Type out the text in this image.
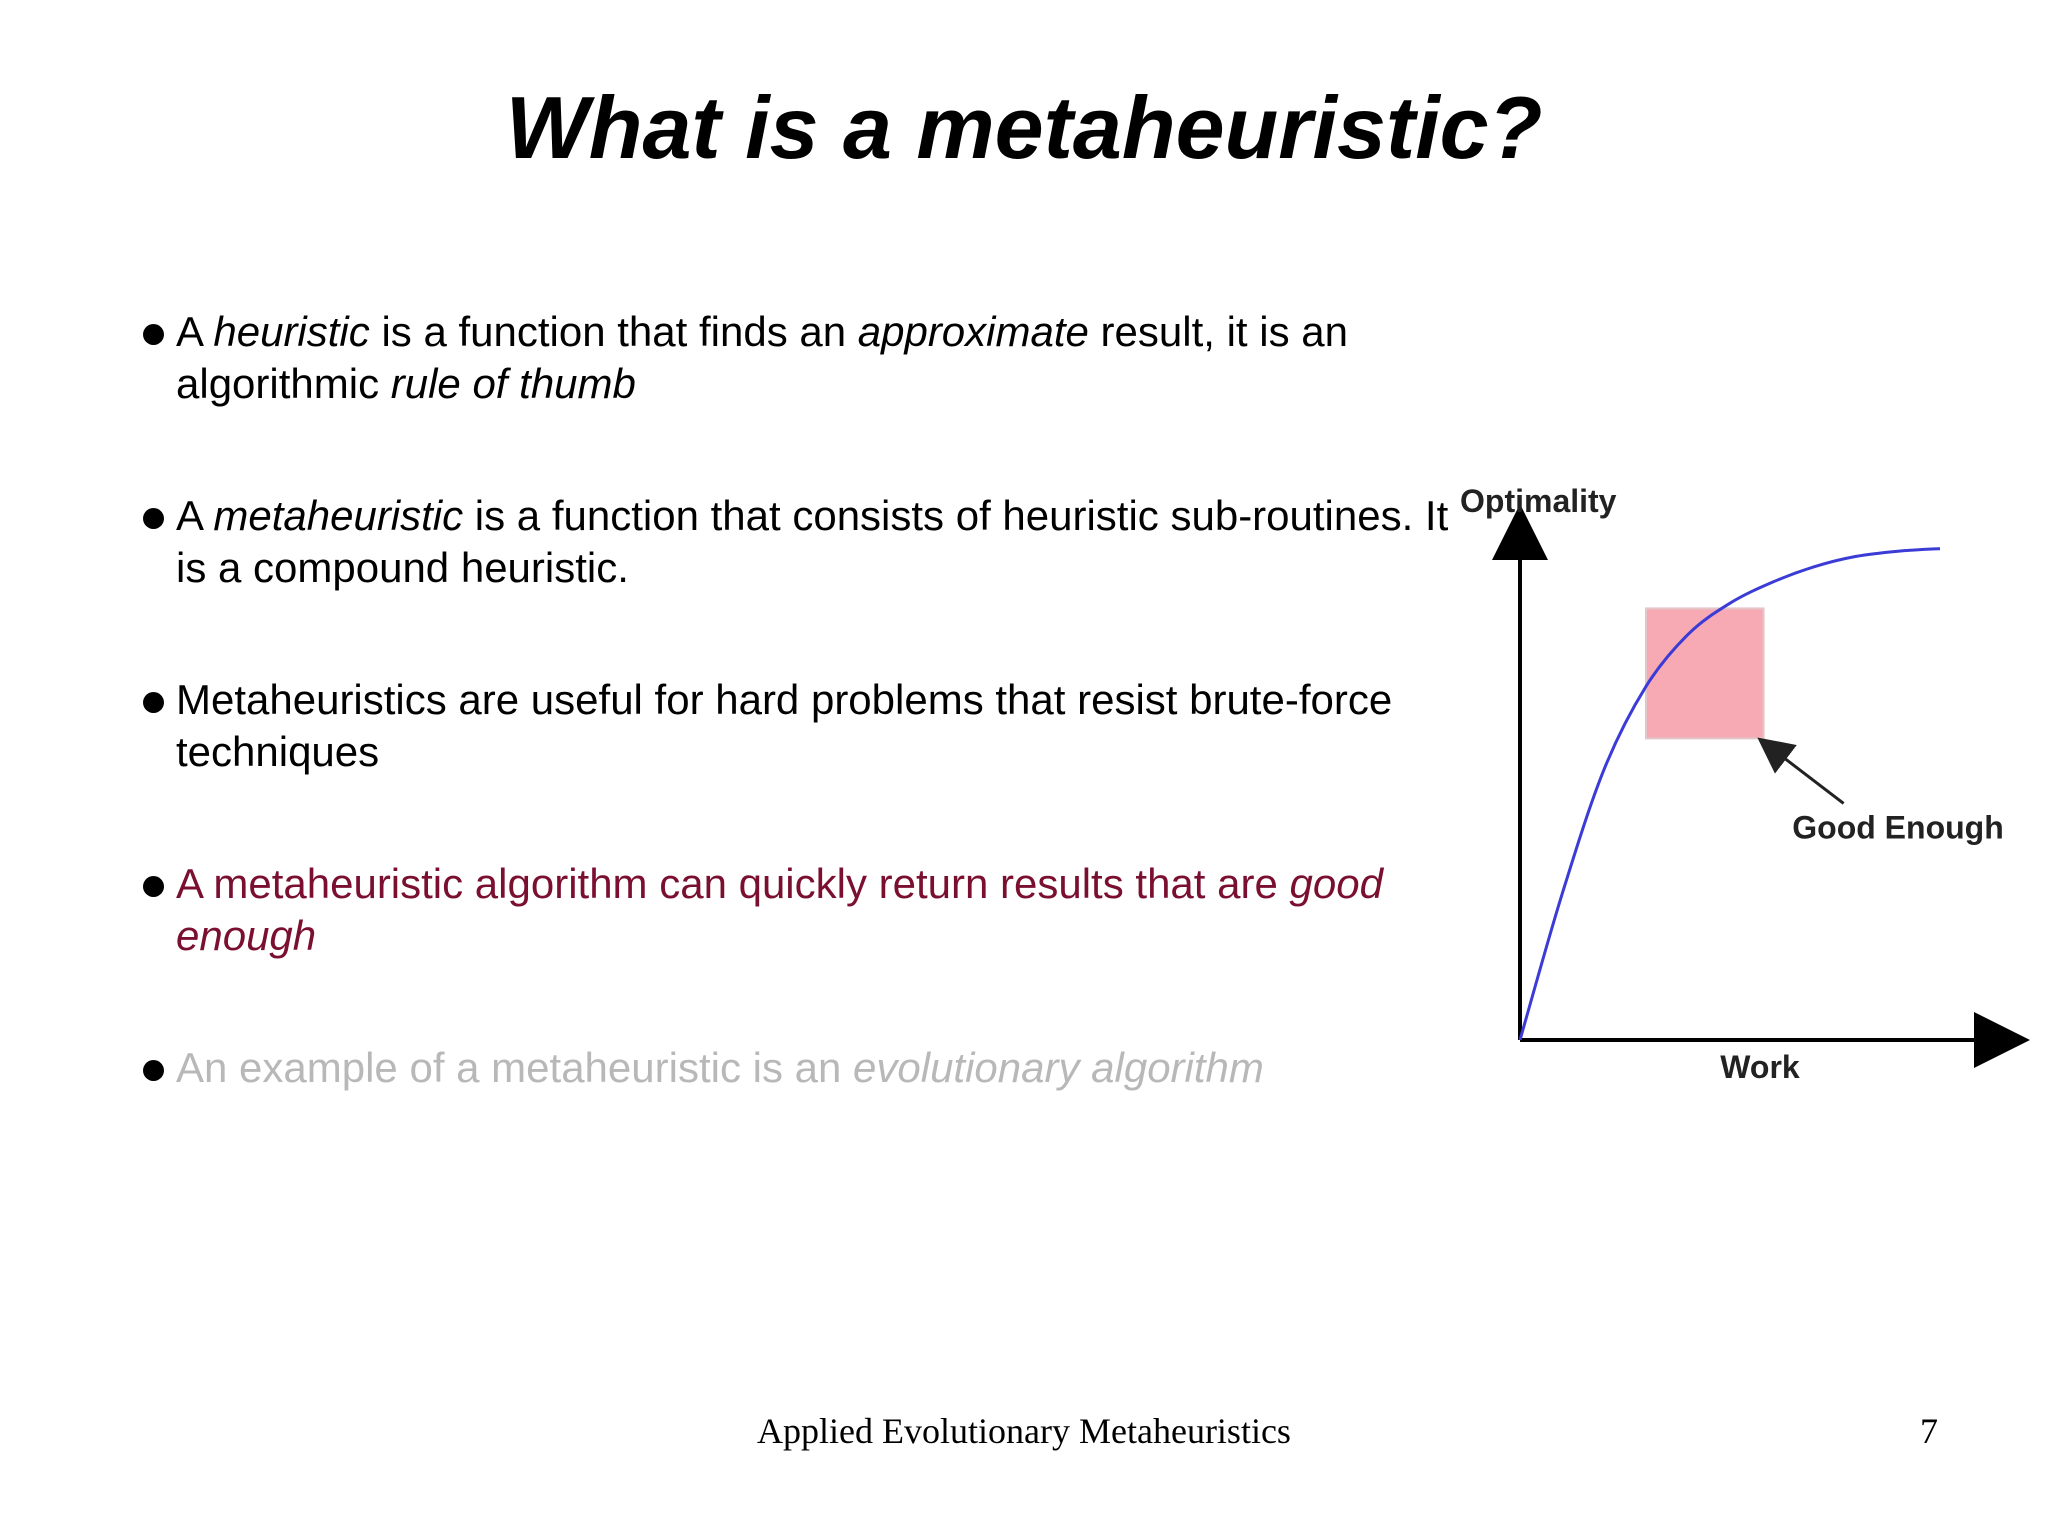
What is a metaheuristic?
A heuristic is a function that finds an approximate result, it is an algorithmic rule of thumb
A metaheuristic is a function that consists of heuristic sub-routines. It is a compound heuristic.
Metaheuristics are useful for hard problems that resist brute-force techniques
A metaheuristic algorithm can quickly return results that are good enough
An example of a metaheuristic is an evolutionary algorithm
Optimality
Work
Good Enough
Applied Evolutionary Metaheuristics	7
